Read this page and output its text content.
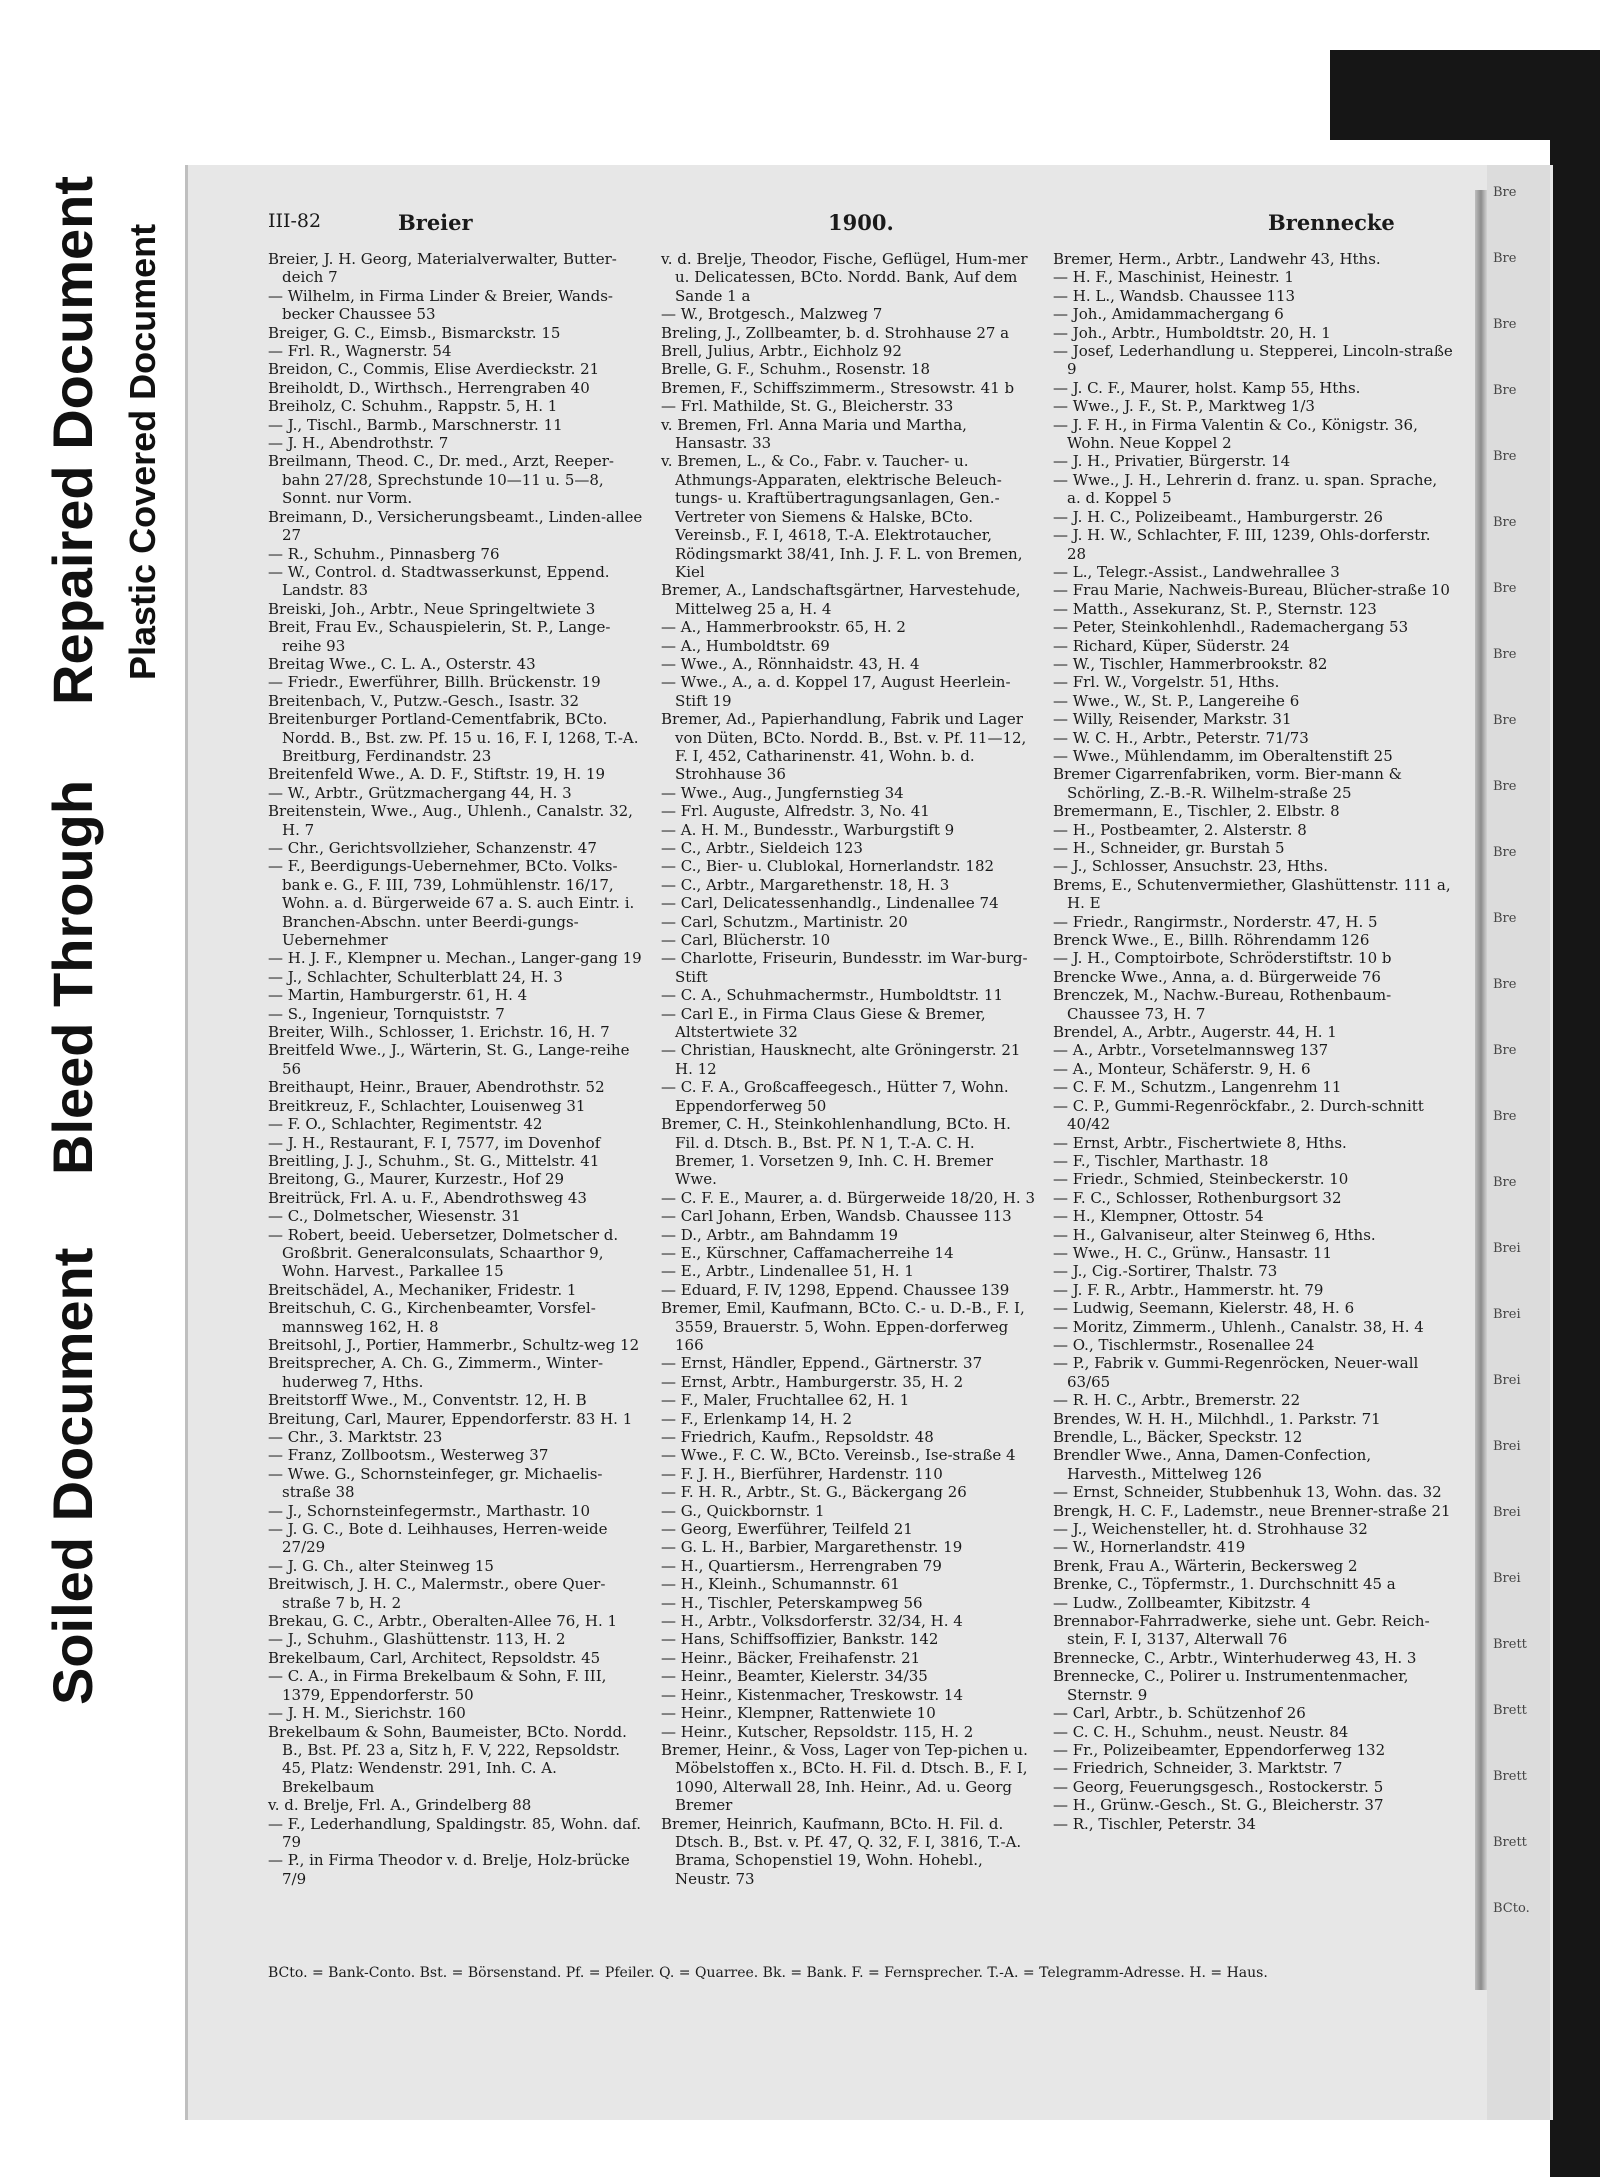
Soiled Document
Bleed Through
Repaired Document Plastic Covered Document
III-82	Breier	1900.	Brennecke

Breier, J. H. Georg, Materialverwalter, Butter-deich 7

— Wilhelm, in Firma Linder & Breier, Wands-becker Chaussee 53

Breiger, G. C., Eimsb., Bismarckstr. 15

— Frl. R., Wagnerstr. 54

Breidon, C., Commis, Elise Averdieckstr. 21

Breiholdt, D., Wirthsch., Herrengraben 40

Breiholz, C. Schuhm., Rappstr. 5, H. 1

— J., Tischl., Barmb., Marschnerstr. 11

— J. H., Abendrothstr. 7

Breilmann, Theod. C., Dr. med., Arzt, Reeper-bahn 27/28, Sprechstunde 10—11 u. 5—8, Sonnt. nur Vorm.

Breimann, D., Versicherungsbeamt., Linden-allee 27

— R., Schuhm., Pinnasberg 76

— W., Control. d. Stadtwasserkunst, Eppend. Landstr. 83

Breiski, Joh., Arbtr., Neue Springeltwiete 3

Breit, Frau Ev., Schauspielerin, St. P., Lange-reihe 93

Breitag Wwe., C. L. A., Osterstr. 43

— Friedr., Ewerführer, Billh. Brückenstr. 19

Breitenbach, V., Putzw.-Gesch., Isastr. 32

Breitenburger Portland-Cementfabrik, BCto. Nordd. B., Bst. zw. Pf. 15 u. 16, F. I, 1268, T.-A. Breitburg, Ferdinandstr. 23

Breitenfeld Wwe., A. D. F., Stiftstr. 19, H. 19

— W., Arbtr., Grützmachergang 44, H. 3

Breitenstein, Wwe., Aug., Uhlenh., Canalstr. 32, H. 7

— Chr., Gerichtsvollzieher, Schanzenstr. 47

— F., Beerdigungs-Uebernehmer, BCto. Volks-bank e. G., F. III, 739, Lohmühlenstr. 16/17, Wohn. a. d. Bürgerweide 67 a. S. auch Eintr. i. Branchen-Abschn. unter Beerdi-gungs-Uebernehmer

— H. J. F., Klempner u. Mechan., Langer-gang 19

— J., Schlachter, Schulterblatt 24, H. 3

— Martin, Hamburgerstr. 61, H. 4

— S., Ingenieur, Tornquiststr. 7

Breiter, Wilh., Schlosser, 1. Erichstr. 16, H. 7

Breitfeld Wwe., J., Wärterin, St. G., Lange-reihe 56

Breithaupt, Heinr., Brauer, Abendrothstr. 52

Breitkreuz, F., Schlachter, Louisenweg 31

— F. O., Schlachter, Regimentstr. 42

— J. H., Restaurant, F. I, 7577, im Dovenhof

Breitling, J. J., Schuhm., St. G., Mittelstr. 41

Breitong, G., Maurer, Kurzestr., Hof 29

Breitrück, Frl. A. u. F., Abendrothsweg 43

— C., Dolmetscher, Wiesenstr. 31

— Robert, beeid. Uebersetzer, Dolmetscher d. Großbrit. Generalconsulats, Schaarthor 9, Wohn. Harvest., Parkallee 15

Breitschädel, A., Mechaniker, Fridestr. 1

Breitschuh, C. G., Kirchenbeamter, Vorsfel-mannsweg 162, H. 8

Breitsohl, J., Portier, Hammerbr., Schultz-weg 12

Breitsprecher, A. Ch. G., Zimmerm., Winter-huderweg 7, Hths.

Breitstorff Wwe., M., Conventstr. 12, H. B

Breitung, Carl, Maurer, Eppendorferstr. 83 H. 1

— Chr., 3. Marktstr. 23

— Franz, Zollbootsm., Westerweg 37

— Wwe. G., Schornsteinfeger, gr. Michaelis-straße 38

— J., Schornsteinfegermstr., Marthastr. 10

— J. G. C., Bote d. Leihhauses, Herren-weide 27/29

— J. G. Ch., alter Steinweg 15

Breitwisch, J. H. C., Malermstr., obere Quer-straße 7 b, H. 2

Brekau, G. C., Arbtr., Oberalten-Allee 76, H. 1

— J., Schuhm., Glashüttenstr. 113, H. 2

Brekelbaum, Carl, Architect, Repsoldstr. 45

— C. A., in Firma Brekelbaum & Sohn, F. III, 1379, Eppendorferstr. 50

— J. H. M., Sierichstr. 160

Brekelbaum & Sohn, Baumeister, BCto. Nordd. B., Bst. Pf. 23 a, Sitz h, F. V, 222, Repsoldstr. 45, Platz: Wendenstr. 291, Inh. C. A. Brekelbaum

v. d. Brelje, Frl. A., Grindelberg 88

— F., Lederhandlung, Spaldingstr. 85, Wohn. daf. 79

— P., in Firma Theodor v. d. Brelje, Holz-brücke 7/9

v. d. Brelje, Theodor, Fische, Geflügel, Hum-mer u. Delicatessen, BCto. Nordd. Bank, Auf dem Sande 1 a

— W., Brotgesch., Malzweg 7

Breling, J., Zollbeamter, b. d. Strohhause 27 a

Brell, Julius, Arbtr., Eichholz 92

Brelle, G. F., Schuhm., Rosenstr. 18

Bremen, F., Schiffszimmerm., Stresowstr. 41 b

— Frl. Mathilde, St. G., Bleicherstr. 33

v. Bremen, Frl. Anna Maria und Martha, Hansastr. 33

v. Bremen, L., & Co., Fabr. v. Taucher- u. Athmungs-Apparaten, elektrische Beleuch-tungs- u. Kraftübertragungsanlagen, Gen.-Vertreter von Siemens & Halske, BCto. Vereinsb., F. I, 4618, T.-A. Elektrotaucher, Rödingsmarkt 38/41, Inh. J. F. L. von Bremen, Kiel

Bremer, A., Landschaftsgärtner, Harvestehude, Mittelweg 25 a, H. 4

— A., Hammerbrookstr. 65, H. 2

— A., Humboldtstr. 69

— Wwe., A., Rönnhaidstr. 43, H. 4

— Wwe., A., a. d. Koppel 17, August Heerlein-Stift 19

Bremer, Ad., Papierhandlung, Fabrik und Lager von Düten, BCto. Nordd. B., Bst. v. Pf. 11—12, F. I, 452, Catharinenstr. 41, Wohn. b. d. Strohhause 36

— Wwe., Aug., Jungfernstieg 34

— Frl. Auguste, Alfredstr. 3, No. 41

— A. H. M., Bundesstr., Warburgstift 9

— C., Arbtr., Sieldeich 123

— C., Bier- u. Clublokal, Hornerlandstr. 182

— C., Arbtr., Margarethenstr. 18, H. 3

— Carl, Delicatessenhandlg., Lindenallee 74

— Carl, Schutzm., Martinistr. 20

— Carl, Blücherstr. 10

— Charlotte, Friseurin, Bundesstr. im War-burg-Stift

— C. A., Schuhmachermstr., Humboldtstr. 11

— Carl E., in Firma Claus Giese & Bremer, Altstertwiete 32

— Christian, Hausknecht, alte Gröningerstr. 21 H. 12

— C. F. A., Großcaffeegesch., Hütter 7, Wohn. Eppendorferweg 50

Bremer, C. H., Steinkohlenhandlung, BCto. H. Fil. d. Dtsch. B., Bst. Pf. N 1, T.-A. C. H. Bremer, 1. Vorsetzen 9, Inh. C. H. Bremer Wwe.

— C. F. E., Maurer, a. d. Bürgerweide 18/20, H. 3

— Carl Johann, Erben, Wandsb. Chaussee 113

— D., Arbtr., am Bahndamm 19

— E., Kürschner, Caffamacherreihe 14

— E., Arbtr., Lindenallee 51, H. 1

— Eduard, F. IV, 1298, Eppend. Chaussee 139

Bremer, Emil, Kaufmann, BCto. C.- u. D.-B., F. I, 3559, Brauerstr. 5, Wohn. Eppen-dorferweg 166

— Ernst, Händler, Eppend., Gärtnerstr. 37

— Ernst, Arbtr., Hamburgerstr. 35, H. 2

— F., Maler, Fruchtallee 62, H. 1

— F., Erlenkamp 14, H. 2

— Friedrich, Kaufm., Repsoldstr. 48

— Wwe., F. C. W., BCto. Vereinsb., Ise-straße 4

— F. J. H., Bierführer, Hardenstr. 110

— F. H. R., Arbtr., St. G., Bäckergang 26

— G., Quickbornstr. 1

— Georg, Ewerführer, Teilfeld 21

— G. L. H., Barbier, Margarethenstr. 19

— H., Quartiersm., Herrengraben 79

— H., Kleinh., Schumannstr. 61

— H., Tischler, Peterskampweg 56

— H., Arbtr., Volksdorferstr. 32/34, H. 4

— Hans, Schiffsoffizier, Bankstr. 142

— Heinr., Bäcker, Freihafenstr. 21

— Heinr., Beamter, Kielerstr. 34/35

— Heinr., Kistenmacher, Treskowstr. 14

— Heinr., Klempner, Rattenwiete 10

— Heinr., Kutscher, Repsoldstr. 115, H. 2

Bremer, Heinr., & Voss, Lager von Tep-pichen u. Möbelstoffen x., BCto. H. Fil. d. Dtsch. B., F. I, 1090, Alterwall 28, Inh. Heinr., Ad. u. Georg Bremer

Bremer, Heinrich, Kaufmann, BCto. H. Fil. d. Dtsch. B., Bst. v. Pf. 47, Q. 32, F. I, 3816, T.-A. Brama, Schopenstiel 19, Wohn. Hohebl., Neustr. 73

Bremer, Herm., Arbtr., Landwehr 43, Hths.

— H. F., Maschinist, Heinestr. 1

— H. L., Wandsb. Chaussee 113

— Joh., Amidammachergang 6

— Joh., Arbtr., Humboldtstr. 20, H. 1

— Josef, Lederhandlung u. Stepperei, Lincoln-straße 9

— J. C. F., Maurer, holst. Kamp 55, Hths.

— Wwe., J. F., St. P., Marktweg 1/3

— J. F. H., in Firma Valentin & Co., Königstr. 36, Wohn. Neue Koppel 2

— J. H., Privatier, Bürgerstr. 14

— Wwe., J. H., Lehrerin d. franz. u. span. Sprache, a. d. Koppel 5

— J. H. C., Polizeibeamt., Hamburgerstr. 26

— J. H. W., Schlachter, F. III, 1239, Ohls-dorferstr. 28

— L., Telegr.-Assist., Landwehrallee 3

— Frau Marie, Nachweis-Bureau, Blücher-straße 10

— Matth., Assekuranz, St. P., Sternstr. 123

— Peter, Steinkohlenhdl., Rademachergang 53

— Richard, Küper, Süderstr. 24

— W., Tischler, Hammerbrookstr. 82

— Frl. W., Vorgelstr. 51, Hths.

— Wwe., W., St. P., Langereihe 6

— Willy, Reisender, Markstr. 31

— W. C. H., Arbtr., Peterstr. 71/73

— Wwe., Mühlendamm, im Oberaltenstift 25

Bremer Cigarrenfabriken, vorm. Bier-mann & Schörling, Z.-B.-R. Wilhelm-straße 25

Bremermann, E., Tischler, 2. Elbstr. 8

— H., Postbeamter, 2. Alsterstr. 8

— H., Schneider, gr. Burstah 5

— J., Schlosser, Ansuchstr. 23, Hths.

Brems, E., Schutenvermiether, Glashüttenstr. 111 a, H. E

— Friedr., Rangirmstr., Norderstr. 47, H. 5

Brenck Wwe., E., Billh. Röhrendamm 126

— J. H., Comptoirbote, Schröderstiftstr. 10 b

Brencke Wwe., Anna, a. d. Bürgerweide 76

Brenczek, M., Nachw.-Bureau, Rothenbaum-Chaussee 73, H. 7

Brendel, A., Arbtr., Augerstr. 44, H. 1

— A., Arbtr., Vorsetelmannsweg 137

— A., Monteur, Schäferstr. 9, H. 6

— C. F. M., Schutzm., Langenrehm 11

— C. P., Gummi-Regenröckfabr., 2. Durch-schnitt 40/42

— Ernst, Arbtr., Fischertwiete 8, Hths.

— F., Tischler, Marthastr. 18

— Friedr., Schmied, Steinbeckerstr. 10

— F. C., Schlosser, Rothenburgsort 32

— H., Klempner, Ottostr. 54

— H., Galvaniseur, alter Steinweg 6, Hths.

— Wwe., H. C., Grünw., Hansastr. 11

— J., Cig.-Sortirer, Thalstr. 73

— J. F. R., Arbtr., Hammerstr. ht. 79

— Ludwig, Seemann, Kielerstr. 48, H. 6

— Moritz, Zimmerm., Uhlenh., Canalstr. 38, H. 4

— O., Tischlermstr., Rosenallee 24

— P., Fabrik v. Gummi-Regenröcken, Neuer-wall 63/65

— R. H. C., Arbtr., Bremerstr. 22

Brendes, W. H. H., Milchhdl., 1. Parkstr. 71

Brendle, L., Bäcker, Speckstr. 12

Brendler Wwe., Anna, Damen-Confection, Harvesth., Mittelweg 126

— Ernst, Schneider, Stubbenhuk 13, Wohn. das. 32

Brengk, H. C. F., Lademstr., neue Brenner-straße 21

— J., Weichensteller, ht. d. Strohhause 32

— W., Hornerlandstr. 419

Brenk, Frau A., Wärterin, Beckersweg 2

Brenke, C., Töpfermstr., 1. Durchschnitt 45 a

— Ludw., Zollbeamter, Kibitzstr. 4

Brennabor-Fahrradwerke, siehe unt. Gebr. Reich-stein, F. I, 3137, Alterwall 76

Brennecke, C., Arbtr., Winterhuderweg 43, H. 3

Brennecke, C., Polirer u. Instrumentenmacher, Sternstr. 9

— Carl, Arbtr., b. Schützenhof 26

— C. C. H., Schuhm., neust. Neustr. 84

— Fr., Polizeibeamter, Eppendorferweg 132

— Friedrich, Schneider, 3. Marktstr. 7

— Georg, Feuerungsgesch., Rostockerstr. 5

— H., Grünw.-Gesch., St. G., Bleicherstr. 37

— R., Tischler, Peterstr. 34

BCto. = Bank-Conto. Bst. = Börsenstand. Pf. = Pfeiler. Q. = Quarree. Bk. = Bank. F. = Fernsprecher. T.-A. = Telegramm-Adresse. H. = Haus.
Bre
Bre
Bre
Bre
Bre
Bre
Bre
Bre
Bre
Bre
Bre
Bre
Bre
Bre
Bre
Bre
Brei
Brei
Brei
Brei
Brei
Brei
Brett
Brett
Brett
Brett
BCto.
